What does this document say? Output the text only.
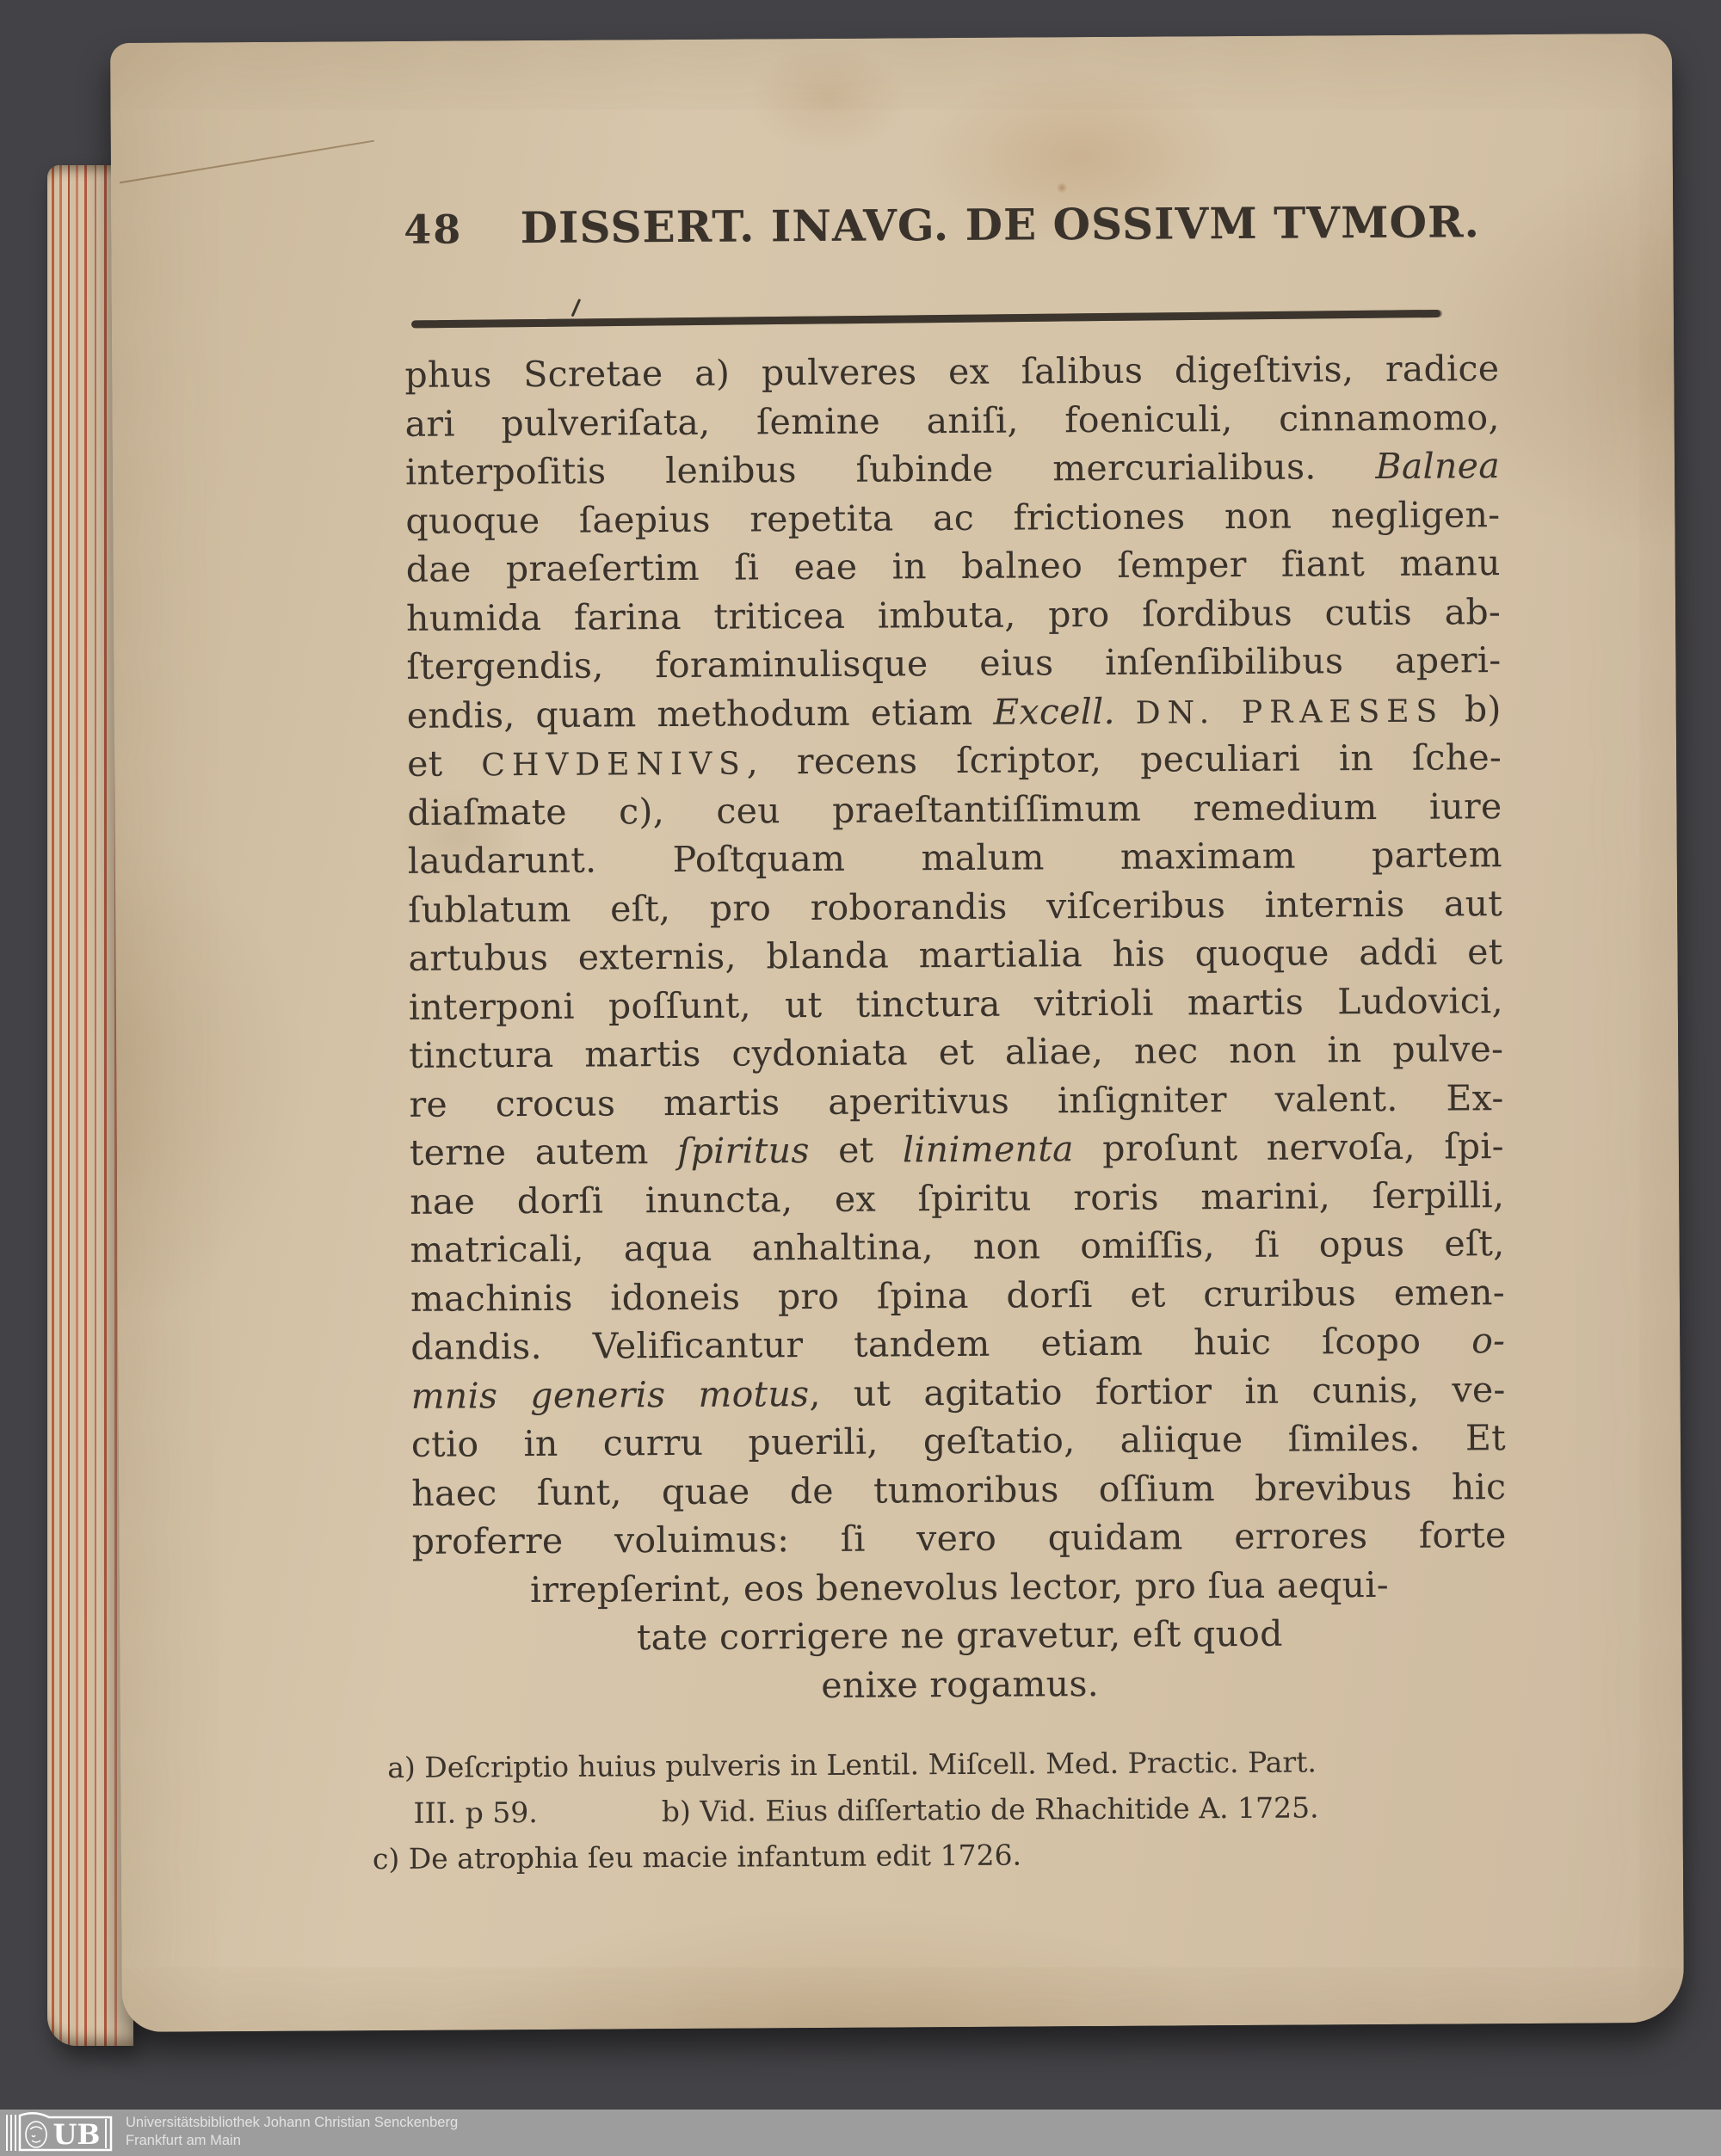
48	DISSERT. INAVG. DE OSSIVM TVMOR.
phus Scretae a) pulveres ex ſalibus digeſtivis, radice
ari pulveriſata, ſemine aniſi, foeniculi, cinnamomo,
interpoſitis lenibus ſubinde mercurialibus. Balnea
quoque ſaepius repetita ac frictiones non negligen-
dae praeſertim ſi eae in balneo ſemper fiant manu
humida farina triticea imbuta, pro ſordibus cutis ab-
ſtergendis, foraminulisque eius inſenſibilibus aperi-
endis, quam methodum etiam Excell. DN. PRAESES b)
et CHVDENIVS, recens ſcriptor, peculiari in ſche-
diaſmate c), ceu praeſtantiſſimum remedium iure
laudarunt. Poſtquam malum maximam partem
ſublatum eſt, pro roborandis viſceribus internis aut
artubus externis, blanda martialia his quoque addi et
interponi poſſunt, ut tinctura vitrioli martis Ludovici,
tinctura martis cydoniata et aliae, nec non in pulve-
re crocus martis aperitivus inſigniter valent. Ex-
terne autem ſpiritus et linimenta proſunt nervoſa, ſpi-
nae dorſi inuncta, ex ſpiritu roris marini, ſerpilli,
matricali, aqua anhaltina, non omiſſis, ſi opus eſt,
machinis idoneis pro ſpina dorſi et cruribus emen-
dandis. Velificantur tandem etiam huic ſcopo o-
mnis generis motus, ut agitatio fortior in cunis, ve-
ctio in curru puerili, geſtatio, aliique ſimiles. Et
haec ſunt, quae de tumoribus oſſium brevibus hic
proferre voluimus: ſi vero quidam errores forte
irrepſerint, eos benevolus lector, pro ſua aequi-
tate corrigere ne gravetur, eſt quod
enixe rogamus.
a) Deſcriptio huius pulveris in Lentil. Miſcell. Med. Practic. Part.
III. p 59.	b) Vid. Eius diſſertatio de Rhachitide A. 1725.
c) De atrophia ſeu macie infantum edit 1726.
UB Universitätsbibliothek Johann Christian Senckenberg
Frankfurt am Main
